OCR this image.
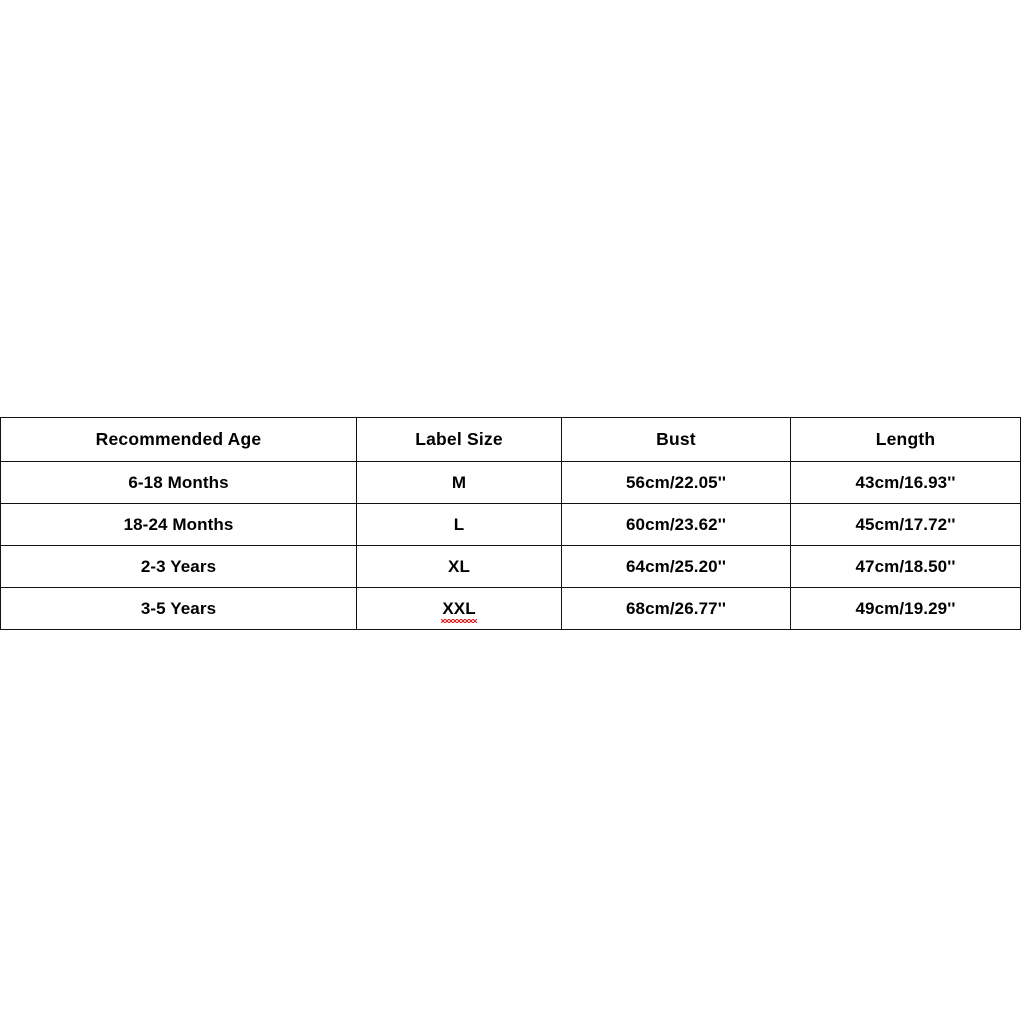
Recommended Age	Label Size	Bust	Length
6-18 Months	M	56cm/22.05''	43cm/16.93''
18-24 Months	L	60cm/23.62''	45cm/17.72''
2-3 Years	XL	64cm/25.20''	47cm/18.50''
3-5 Years	XXL	68cm/26.77''	49cm/19.29''
